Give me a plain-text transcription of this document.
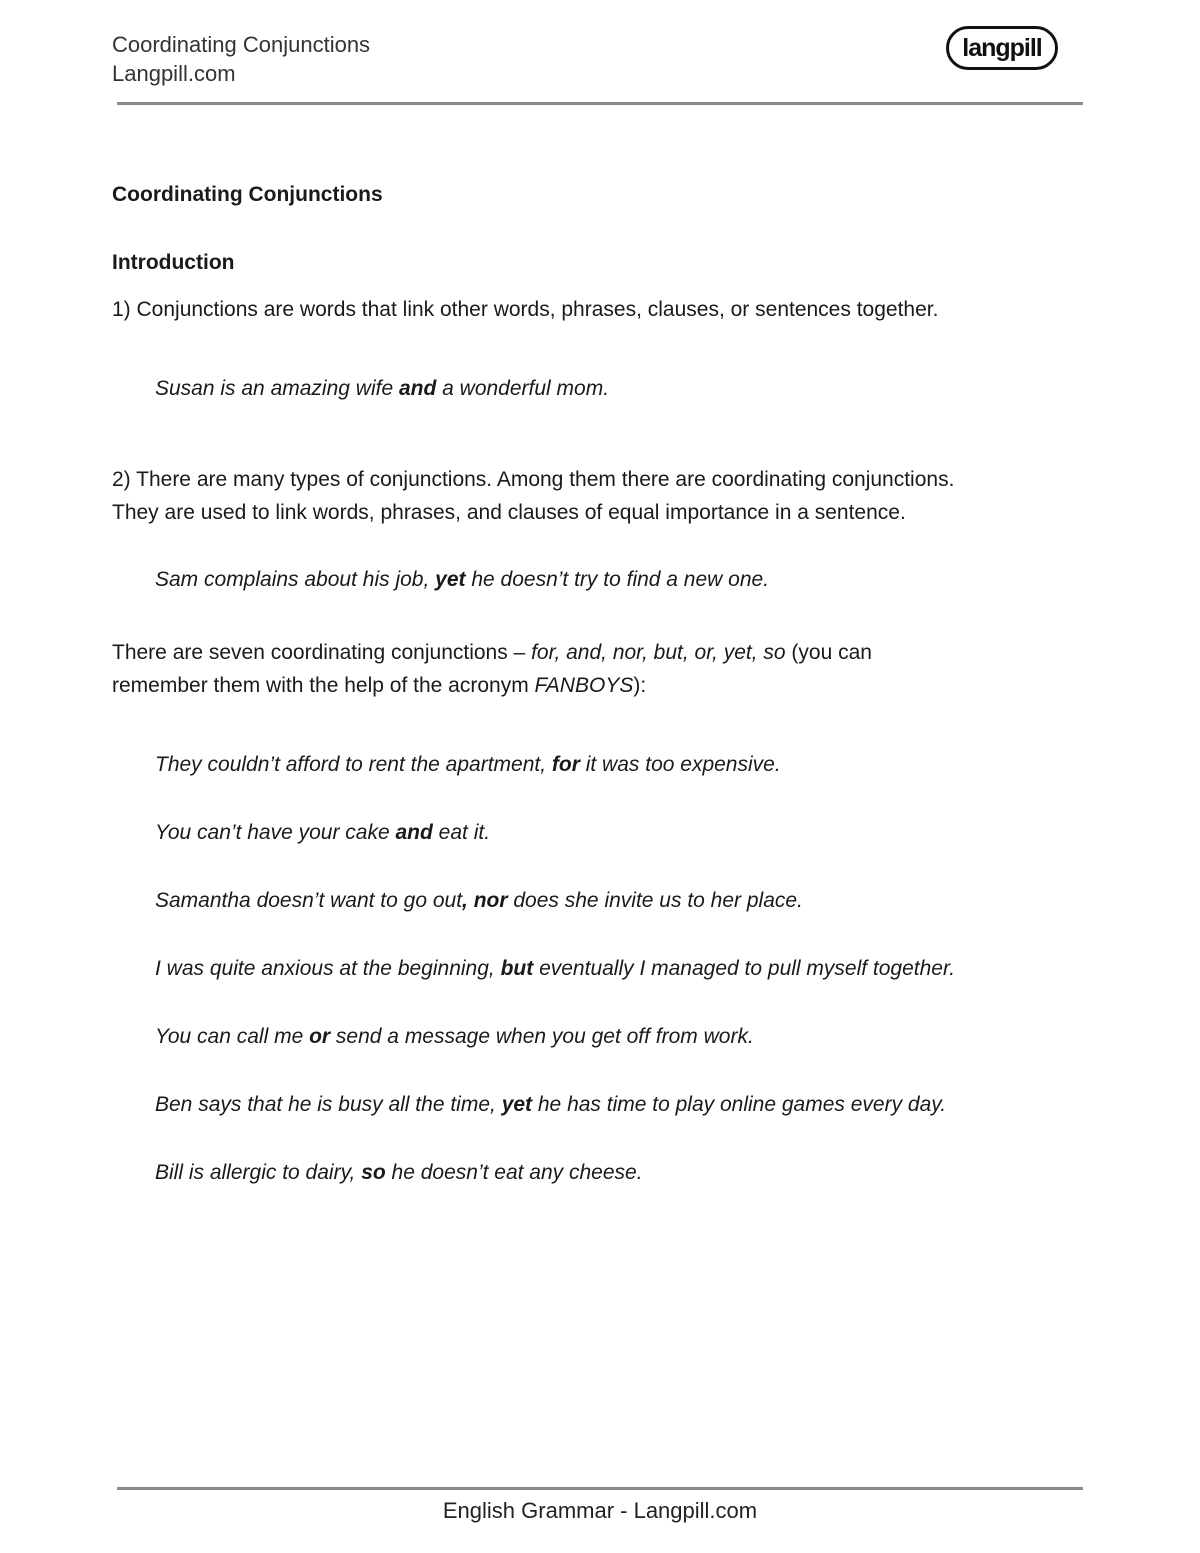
Coordinating Conjunctions
Langpill.com
langpill

Coordinating Conjunctions

Introduction

1) Conjunctions are words that link other words, phrases, clauses, or sentences together.

Susan is an amazing wife and a wonderful mom.

2) There are many types of conjunctions. Among them there are coordinating conjunctions.
They are used to link words, phrases, and clauses of equal importance in a sentence.

Sam complains about his job, yet he doesn’t try to find a new one.

There are seven coordinating conjunctions – for, and, nor, but, or, yet, so (you can
remember them with the help of the acronym FANBOYS):

They couldn’t afford to rent the apartment, for it was too expensive.

You can’t have your cake and eat it.

Samantha doesn’t want to go out, nor does she invite us to her place.

I was quite anxious at the beginning, but eventually I managed to pull myself together.

You can call me or send a message when you get off from work.

Ben says that he is busy all the time, yet he has time to play online games every day.

Bill is allergic to dairy, so he doesn’t eat any cheese.

English Grammar - Langpill.com
